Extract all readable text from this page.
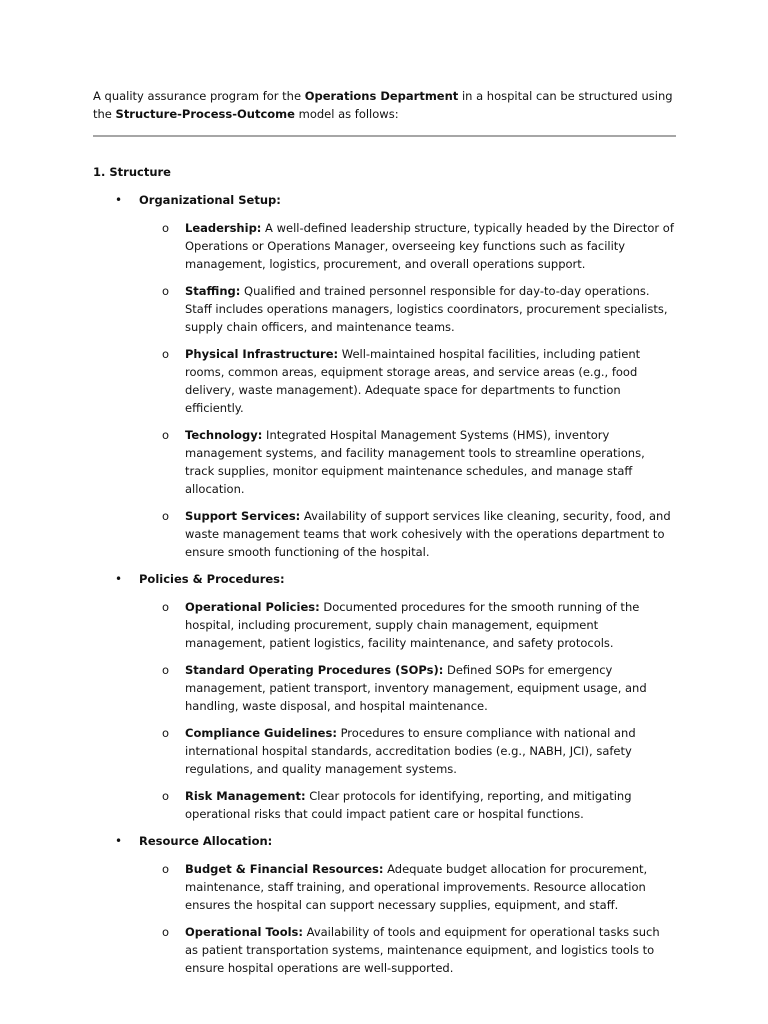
A quality assurance program for the Operations Department in a hospital can be structured using the Structure-Process-Outcome model as follows:

1. Structure
• Organizational Setup:
o Leadership: A well-defined leadership structure, typically headed by the Director of Operations or Operations Manager, overseeing key functions such as facility management, logistics, procurement, and overall operations support.
o Staffing: Qualified and trained personnel responsible for day-to-day operations. Staff includes operations managers, logistics coordinators, procurement specialists, supply chain officers, and maintenance teams.
o Physical Infrastructure: Well-maintained hospital facilities, including patient rooms, common areas, equipment storage areas, and service areas (e.g., food delivery, waste management). Adequate space for departments to function efficiently.
o Technology: Integrated Hospital Management Systems (HMS), inventory management systems, and facility management tools to streamline operations, track supplies, monitor equipment maintenance schedules, and manage staff allocation.
o Support Services: Availability of support services like cleaning, security, food, and waste management teams that work cohesively with the operations department to ensure smooth functioning of the hospital.
• Policies & Procedures:
o Operational Policies: Documented procedures for the smooth running of the hospital, including procurement, supply chain management, equipment management, patient logistics, facility maintenance, and safety protocols.
o Standard Operating Procedures (SOPs): Defined SOPs for emergency management, patient transport, inventory management, equipment usage, and handling, waste disposal, and hospital maintenance.
o Compliance Guidelines: Procedures to ensure compliance with national and international hospital standards, accreditation bodies (e.g., NABH, JCI), safety regulations, and quality management systems.
o Risk Management: Clear protocols for identifying, reporting, and mitigating operational risks that could impact patient care or hospital functions.
• Resource Allocation:
o Budget & Financial Resources: Adequate budget allocation for procurement, maintenance, staff training, and operational improvements. Resource allocation ensures the hospital can support necessary supplies, equipment, and staff.
o Operational Tools: Availability of tools and equipment for operational tasks such as patient transportation systems, maintenance equipment, and logistics tools to ensure hospital operations are well-supported.
